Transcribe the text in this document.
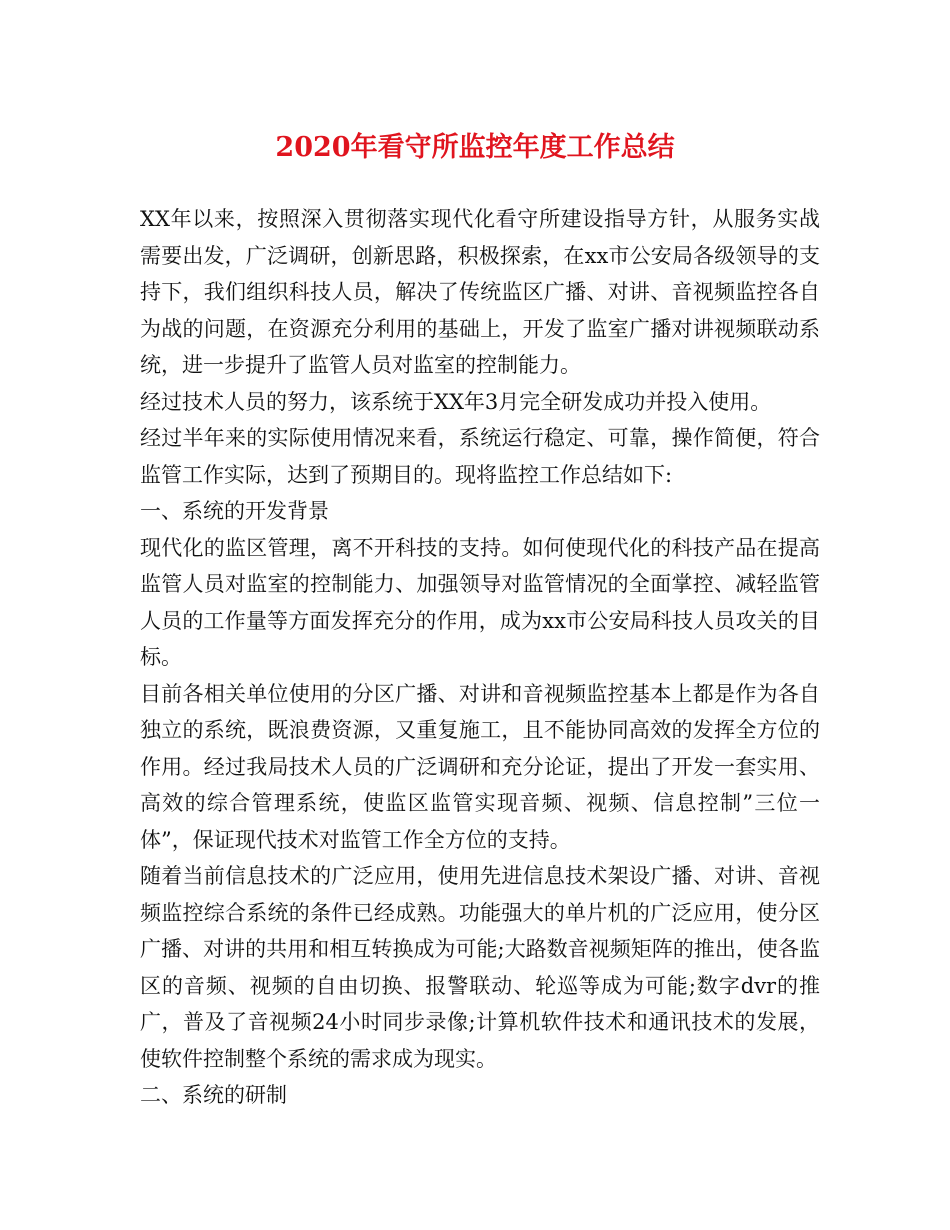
2020年看守所监控年度工作总结

XX年以来，按照深入贯彻落实现代化看守所建设指导方针，从服务实战需要出发，广泛调研，创新思路，积极探索，在xx市公安局各级领导的支持下，我们组织科技人员，解决了传统监区广播、对讲、音视频监控各自为战的问题，在资源充分利用的基础上，开发了监室广播对讲视频联动系统，进一步提升了监管人员对监室的控制能力。

经过技术人员的努力，该系统于XX年3月完全研发成功并投入使用。

经过半年来的实际使用情况来看，系统运行稳定、可靠，操作简便，符合监管工作实际，达到了预期目的。现将监控工作总结如下:

一、系统的开发背景

现代化的监区管理，离不开科技的支持。如何使现代化的科技产品在提高监管人员对监室的控制能力、加强领导对监管情况的全面掌控、减轻监管人员的工作量等方面发挥充分的作用，成为xx市公安局科技人员攻关的目标。

目前各相关单位使用的分区广播、对讲和音视频监控基本上都是作为各自独立的系统，既浪费资源，又重复施工，且不能协同高效的发挥全方位的作用。经过我局技术人员的广泛调研和充分论证，提出了开发一套实用、高效的综合管理系统，使监区监管实现音频、视频、信息控制”三位一体”，保证现代技术对监管工作全方位的支持。

随着当前信息技术的广泛应用，使用先进信息技术架设广播、对讲、音视频监控综合系统的条件已经成熟。功能强大的单片机的广泛应用，使分区广播、对讲的共用和相互转换成为可能;大路数音视频矩阵的推出，使各监区的音频、视频的自由切换、报警联动、轮巡等成为可能;数字dvr的推广，普及了音视频24小时同步录像;计算机软件技术和通讯技术的发展，使软件控制整个系统的需求成为现实。

二、系统的研制
